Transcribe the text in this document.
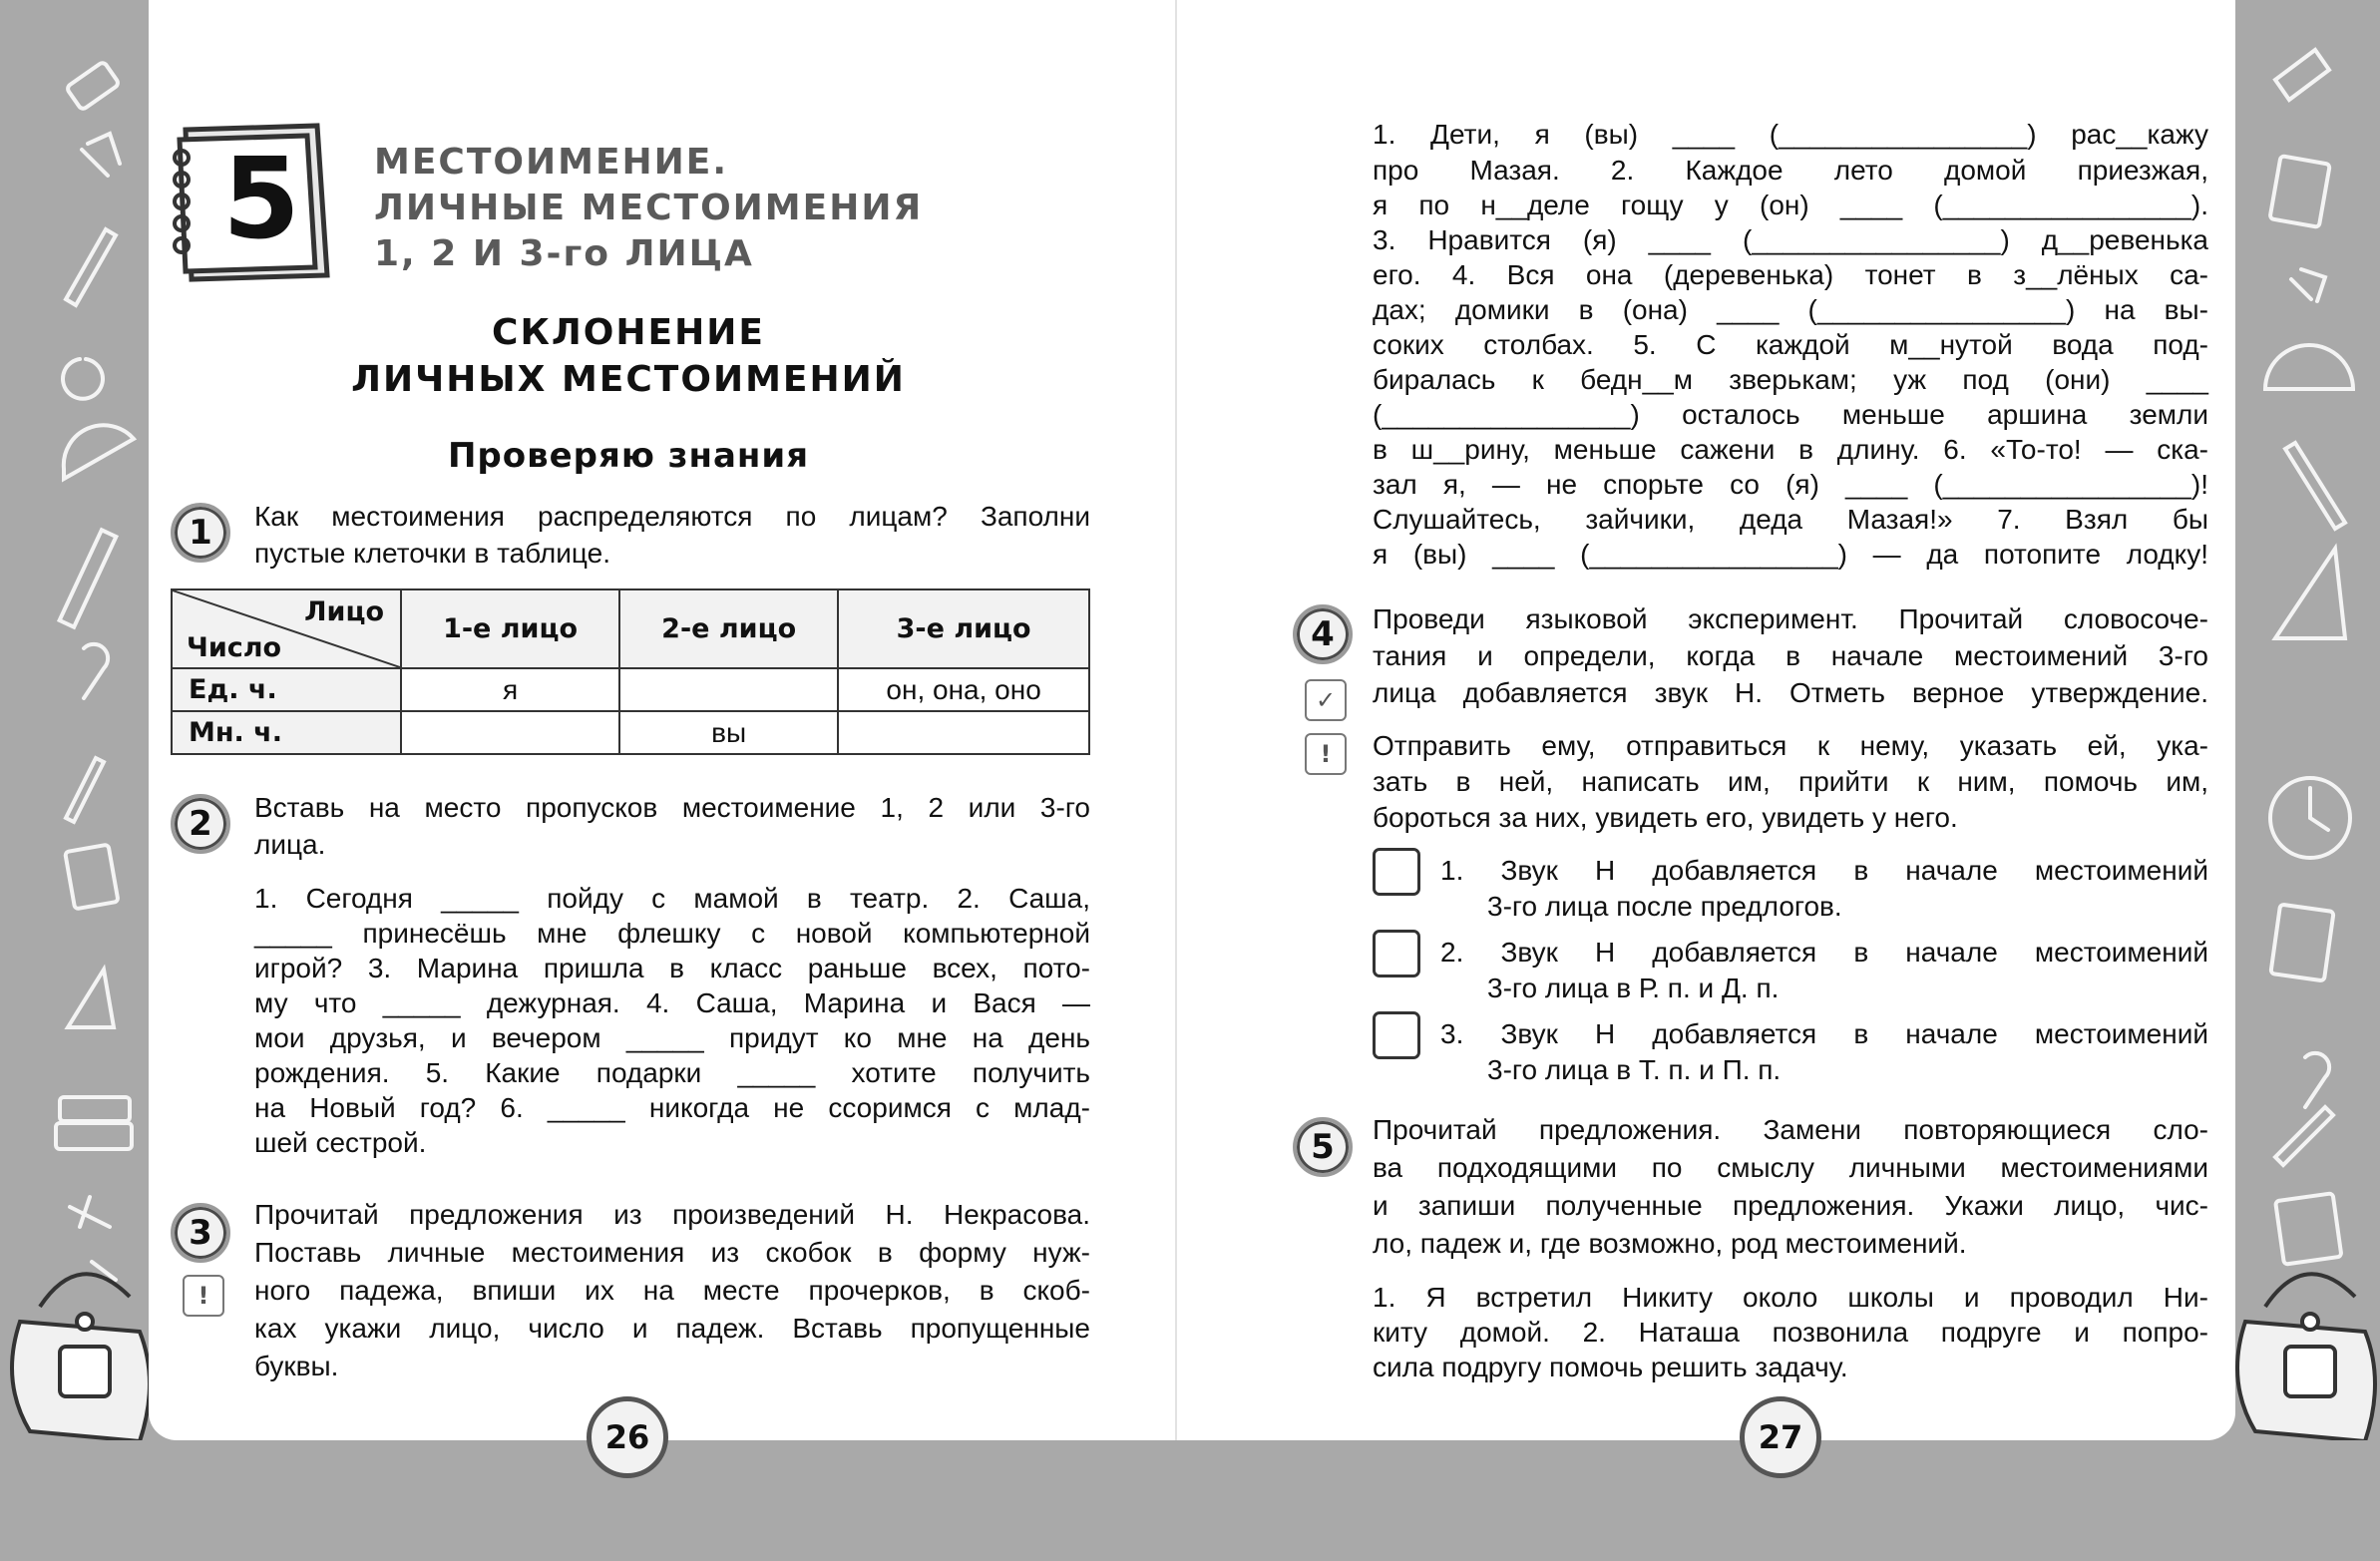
5	МЕСТОИМЕНИЕ.
ЛИЧНЫЕ МЕСТОИМЕНИЯ
1, 2 И 3-го ЛИЦА
СКЛОНЕНИЕ
ЛИЧНЫХ МЕСТОИМЕНИЙ
Проверяю знания
1	Как местоимения распределяются по лицам? Заполни
пустые клеточки в таблице.
Лицо
Число	1-е лицо	2-е лицо	3-е лицо
Ед. ч.	я		он, она, оно
Мн. ч.		вы	
2	Вставь на место пропусков местоимение 1, 2 или 3-го
лица.
1. Сегодня _____ пойду с мамой в театр. 2. Саша,
_____ принесёшь мне флешку с новой компьютерной
игрой? 3. Марина пришла в класс раньше всех, пото-
му что _____ дежурная. 4. Саша, Марина и Вася —
мои друзья, и вечером _____ придут ко мне на день
рождения. 5. Какие подарки _____ хотите получить
на Новый год? 6. _____ никогда не ссоримся с млад-
шей сестрой.
3
!
Прочитай предложения из произведений Н. Некрасова.
Поставь личные местоимения из скобок в форму нуж-
ного падежа, впиши их на месте прочерков, в скоб-
ках укажи лицо, число и падеж. Вставь пропущенные
буквы.
1. Дети, я (вы) ____ (________________) рас__кажу
про Мазая. 2. Каждое лето домой приезжая,
я по н__деле гощу у (он) ____ (________________).
3. Нравится (я) ____ (________________) д__ревенька
его. 4. Вся она (деревенька) тонет в з__лёных са-
дах; домики в (она) ____ (________________) на вы-
соких столбах. 5. С каждой м__нутой вода под-
биралась к бедн__м зверькам; уж под (они) ____
(________________) осталось меньше аршина земли
в ш__рину, меньше сажени в длину. 6. «То-то! — ска-
зал я, — не спорьте со (я) ____ (________________)!
Слушайтесь, зайчики, деда Мазая!» 7. Взял бы
я (вы) ____ (________________) — да потопите лодку!
4
✓
!
Проведи языковой эксперимент. Прочитай словосоче-
тания и определи, когда в начале местоимений 3-го
лица добавляется звук Н. Отметь верное утверждение.
Отправить ему, отправиться к нему, указать ей, ука-
зать в ней, написать им, прийти к ним, помочь им,
бороться за них, увидеть его, увидеть у него.
1. Звук Н добавляется в начале местоимений
3-го лица после предлогов.
2. Звук Н добавляется в начале местоимений
3-го лица в Р. п. и Д. п.
3. Звук Н добавляется в начале местоимений
3-го лица в Т. п. и П. п.
5	Прочитай предложения. Замени повторяющиеся сло-
ва подходящими по смыслу личными местоимениями
и запиши полученные предложения. Укажи лицо, чис-
ло, падеж и, где возможно, род местоимений.
1. Я встретил Никиту около школы и проводил Ни-
киту домой. 2. Наташа позвонила подруге и попро-
сила подругу помочь решить задачу.
26	27
